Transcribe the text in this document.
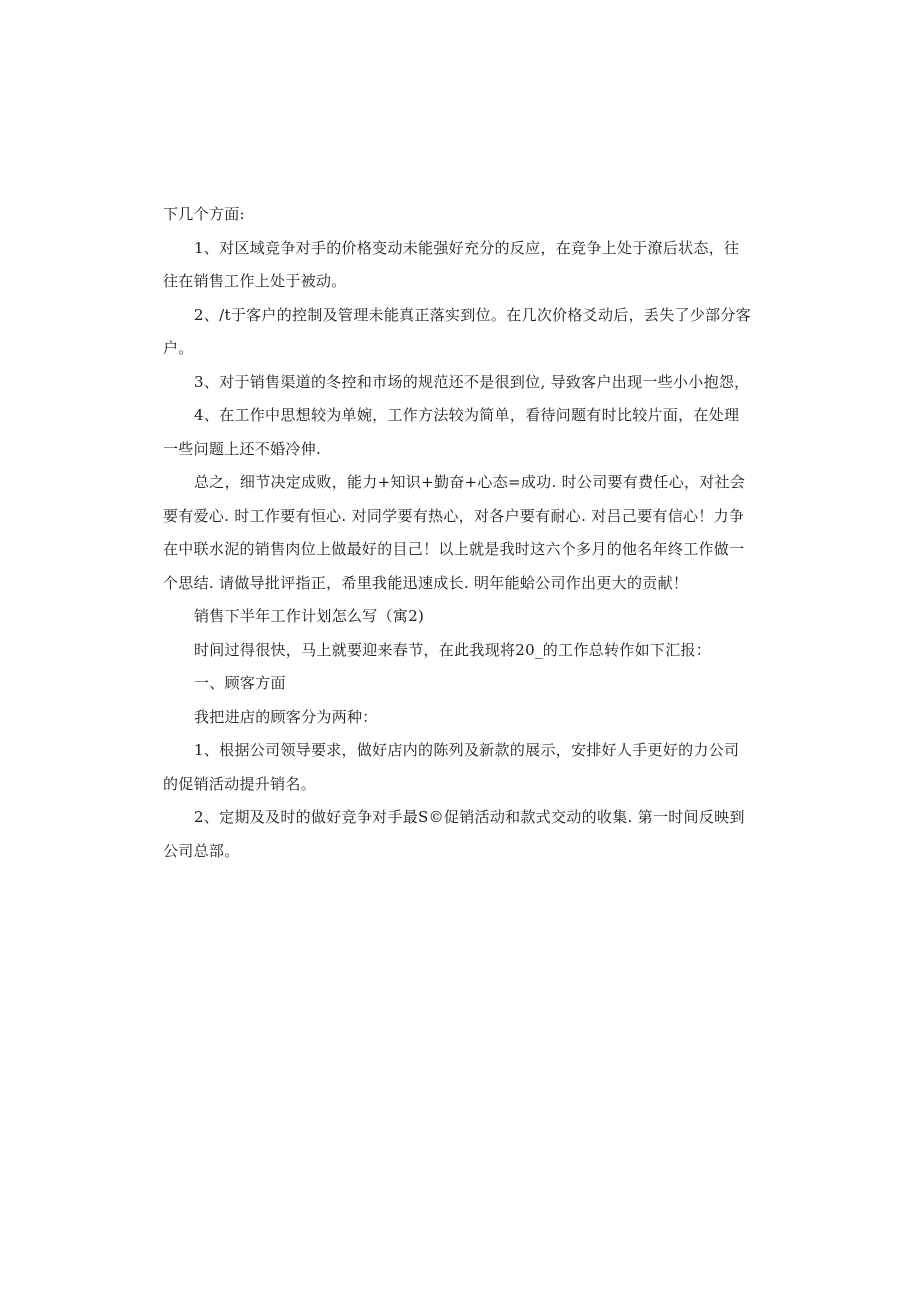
下几个方面:

1、对区域竞争对手的价格变动未能强好充分的反应，在竞争上处于潦后状态，往往在销售工作上处于被动。

2、/t于客户的控制及管理未能真正落实到位。在几次价格爻动后，丢失了少部分客户。

3、对于销售渠道的冬控和市场的规范还不是很到位, 导致客户出现一些小小抱怨，

4、在工作中思想较为单婉，工作方法较为简单，看待问题有时比较片面，在处理一些问题上还不婚冷伸.

总之，细节决定成败，能力+知识+勤奋+心态=成功. 时公司要有费任心，对社会要有爱心. 时工作要有恒心. 对同学要有热心，对各户要有耐心. 对吕己要有信心！力争在中联水泥的销售肉位上做最好的目己！以上就是我时这六个多月的他名年终工作做一个思结. 请做导批评指正，希里我能迅速成长. 明年能蛤公司作出更大的贡献！

销售下半年工作计划怎么写（寓2)

时间过得很快，马上就要迎来春节，在此我现将20_的工作总转作如下汇报：

一、顾客方面

我把进店的顾客分为两种：

1、根据公司领导要求，做好店内的陈列及新款的展示，安排好人手更好的力公司的促销活动提升销名。

2、定期及及时的做好竞争对手最S©促销活动和款式交动的收集. 第一时间反映到公司总部。
